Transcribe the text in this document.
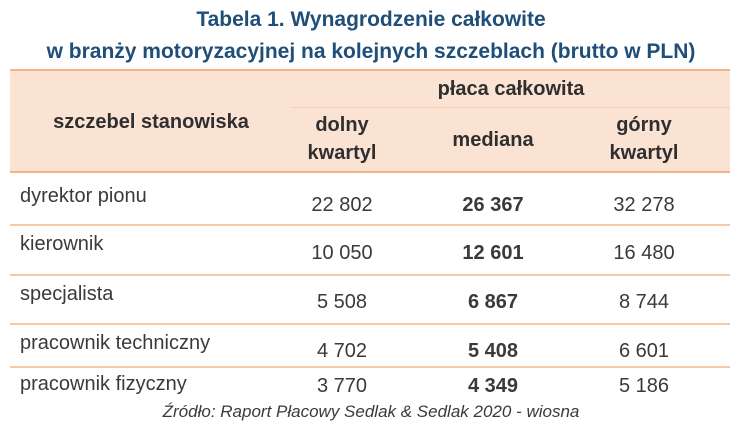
Tabela 1. Wynagrodzenie całkowite
w branży motoryzacyjnej na kolejnych szczeblach (brutto w PLN)
szczebel stanowiska
płaca całkowita
dolny
kwartyl
mediana
górny
kwartyl
dyrektor pionu	22 802	26 367	32 278
kierownik	10 050	12 601	16 480
specjalista	5 508	6 867	8 744
pracownik techniczny	4 702	5 408	6 601
pracownik fizyczny	3 770	4 349	5 186
Źródło: Raport Płacowy Sedlak & Sedlak 2020 - wiosna
